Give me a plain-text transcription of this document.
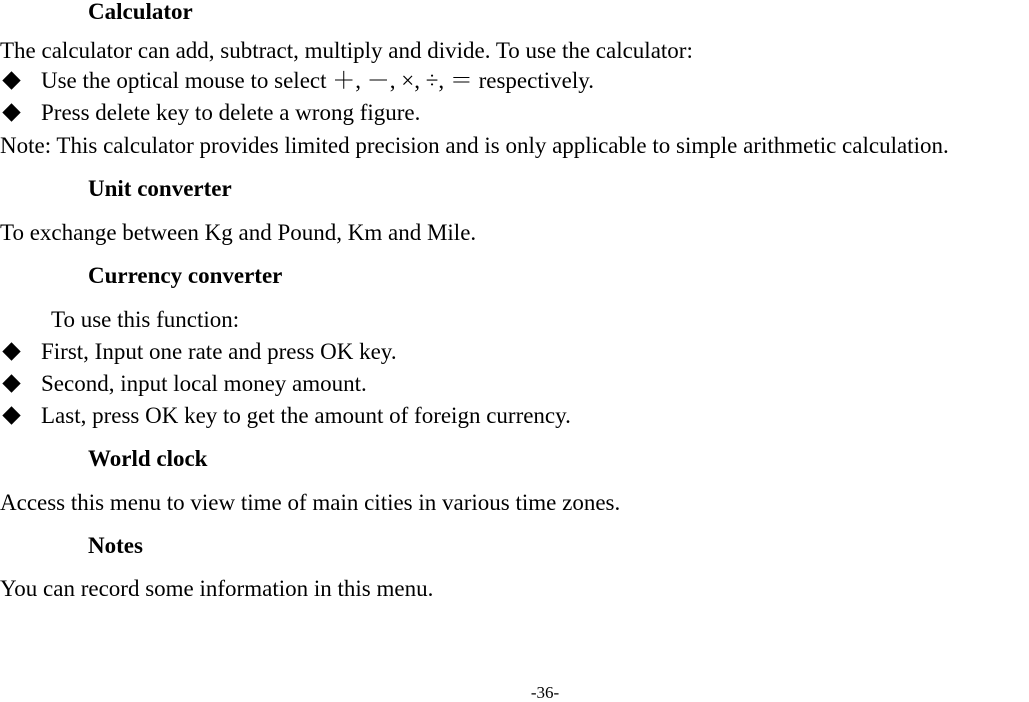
Calculator
The calculator can add, subtract, multiply and divide. To use the calculator:
Use the optical mouse to select ＋, －, ×, ÷, ＝ respectively.
Press delete key to delete a wrong figure.
Note: This calculator provides limited precision and is only applicable to simple arithmetic calculation.
Unit converter
To exchange between Kg and Pound, Km and Mile.
Currency converter
To use this function:
First, Input one rate and press OK key.
Second, input local money amount.
Last, press OK key to get the amount of foreign currency.
World clock
Access this menu to view time of main cities in various time zones.
Notes
You can record some information in this menu.
-36-
